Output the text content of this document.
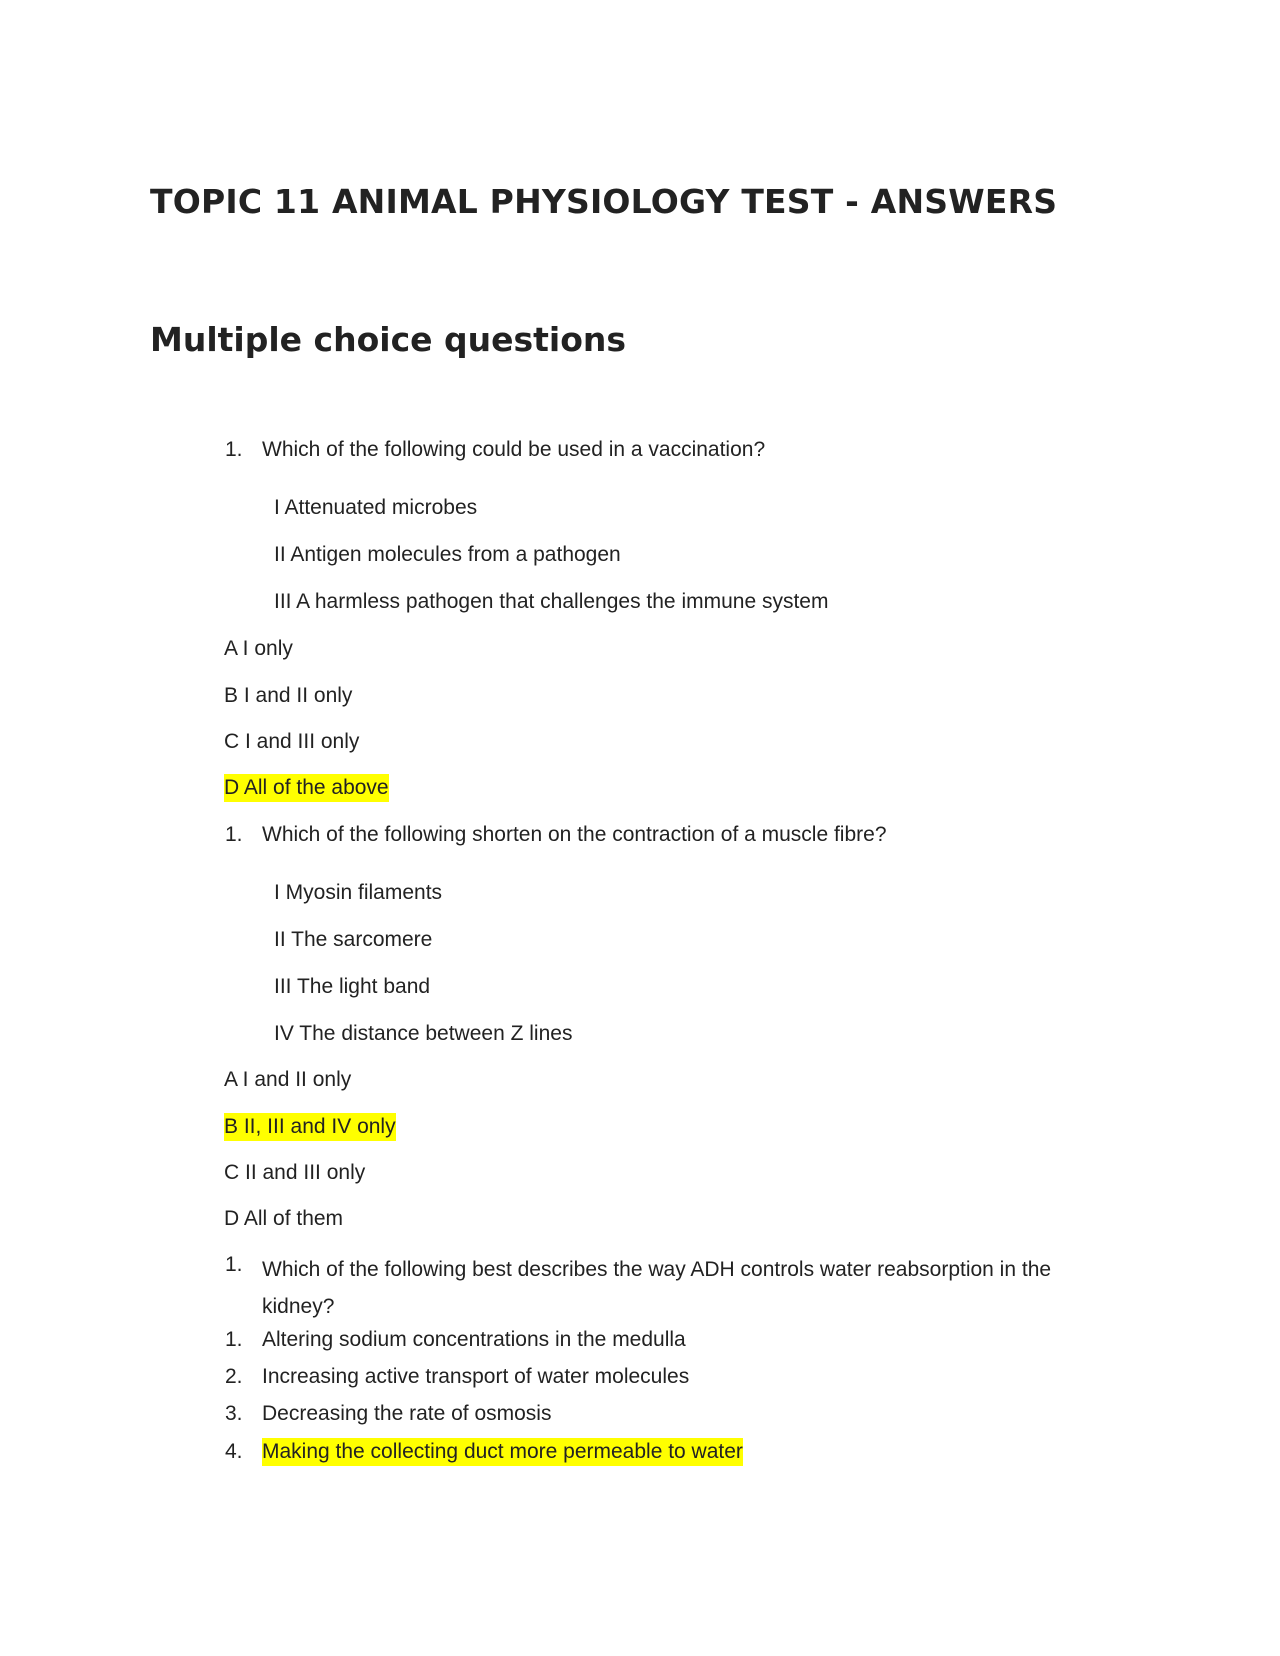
TOPIC 11 ANIMAL PHYSIOLOGY TEST - ANSWERS
Multiple choice questions
1. Which of the following could be used in a vaccination?
I Attenuated microbes
II Antigen molecules from a pathogen
III A harmless pathogen that challenges the immune system
A I only
B I and II only
C I and III only
D All of the above
1. Which of the following shorten on the contraction of a muscle fibre?
I Myosin filaments
II The sarcomere
III The light band
IV The distance between Z lines
A I and II only
B II, III and IV only
C II and III only
D All of them
1. Which of the following best describes the way ADH controls water reabsorption in the kidney?
1. Altering sodium concentrations in the medulla
2. Increasing active transport of water molecules
3. Decreasing the rate of osmosis
4. Making the collecting duct more permeable to water
